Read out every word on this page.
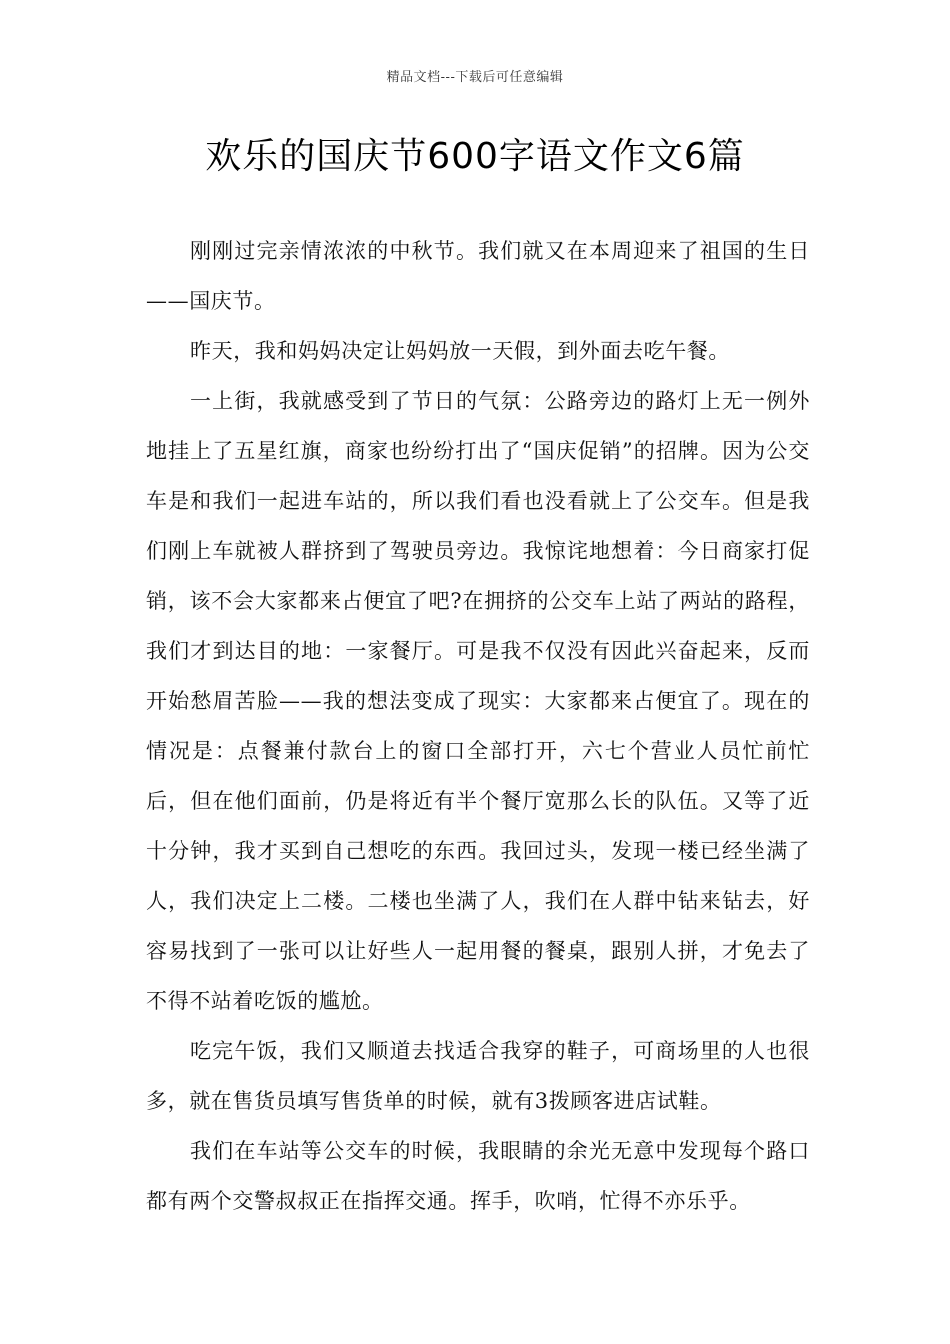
精品文档---下载后可任意编辑
欢乐的国庆节600字语文作文6篇

刚刚过完亲情浓浓的中秋节。我们就又在本周迎来了祖国的生日——国庆节。

昨天，我和妈妈决定让妈妈放一天假，到外面去吃午餐。

一上街，我就感受到了节日的气氛：公路旁边的路灯上无一例外地挂上了五星红旗，商家也纷纷打出了“国庆促销”的招牌。因为公交车是和我们一起进车站的，所以我们看也没看就上了公交车。但是我们刚上车就被人群挤到了驾驶员旁边。我惊诧地想着：今日商家打促销，该不会大家都来占便宜了吧?在拥挤的公交车上站了两站的路程，我们才到达目的地：一家餐厅。可是我不仅没有因此兴奋起来，反而开始愁眉苦脸——我的想法变成了现实：大家都来占便宜了。现在的情况是：点餐兼付款台上的窗口全部打开，六七个营业人员忙前忙后，但在他们面前，仍是将近有半个餐厅宽那么长的队伍。又等了近十分钟，我才买到自己想吃的东西。我回过头，发现一楼已经坐满了人，我们决定上二楼。二楼也坐满了人，我们在人群中钻来钻去，好容易找到了一张可以让好些人一起用餐的餐桌，跟别人拼，才免去了不得不站着吃饭的尴尬。

吃完午饭，我们又顺道去找适合我穿的鞋子，可商场里的人也很多，就在售货员填写售货单的时候，就有3拨顾客进店试鞋。

我们在车站等公交车的时候，我眼睛的余光无意中发现每个路口都有两个交警叔叔正在指挥交通。挥手，吹哨，忙得不亦乐乎。
